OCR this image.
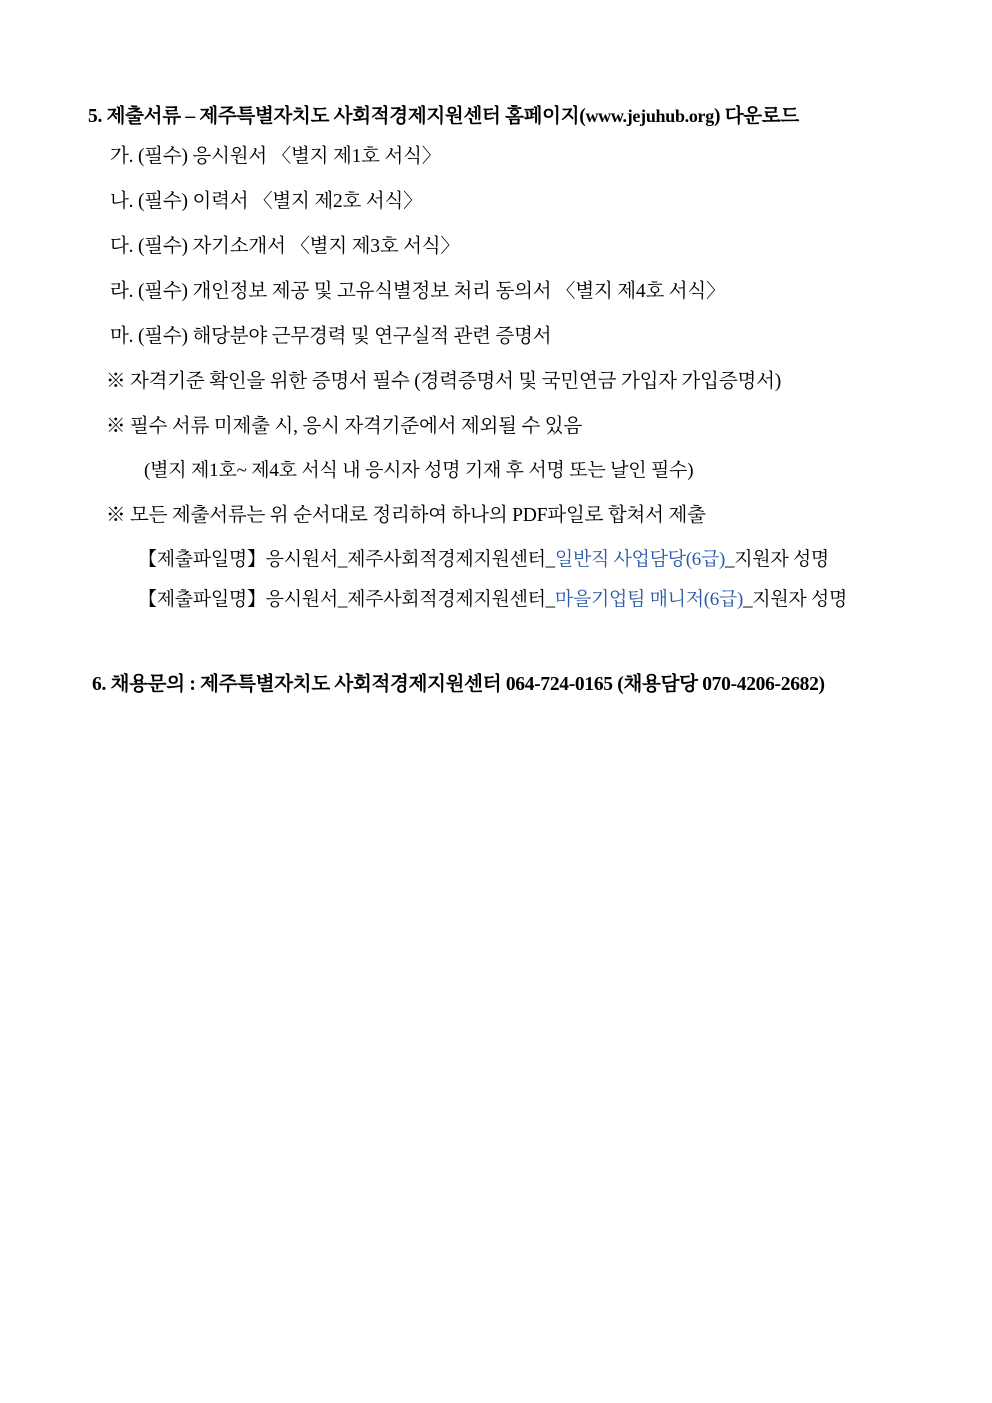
5. 제출서류 – 제주특별자치도 사회적경제지원센터 홈페이지(www.jejuhub.org) 다운로드

가. (필수) 응시원서 〈별지 제1호 서식〉

나. (필수) 이력서 〈별지 제2호 서식〉

다. (필수) 자기소개서 〈별지 제3호 서식〉

라. (필수) 개인정보 제공 및 고유식별정보 처리 동의서 〈별지 제4호 서식〉

마. (필수) 해당분야 근무경력 및 연구실적 관련 증명서

※ 자격기준 확인을 위한 증명서 필수 (경력증명서 및 국민연금 가입자 가입증명서)

※ 필수 서류 미제출 시, 응시 자격기준에서 제외될 수 있음

(별지 제1호~ 제4호 서식 내 응시자 성명 기재 후 서명 또는 날인 필수)

※ 모든 제출서류는 위 순서대로 정리하여 하나의 PDF파일로 합쳐서 제출

【제출파일명】응시원서_제주사회적경제지원센터_일반직 사업담당(6급)_지원자 성명

【제출파일명】응시원서_제주사회적경제지원센터_마을기업팀 매니저(6급)_지원자 성명

6. 채용문의 : 제주특별자치도 사회적경제지원센터 064-724-0165 (채용담당 070-4206-2682)
